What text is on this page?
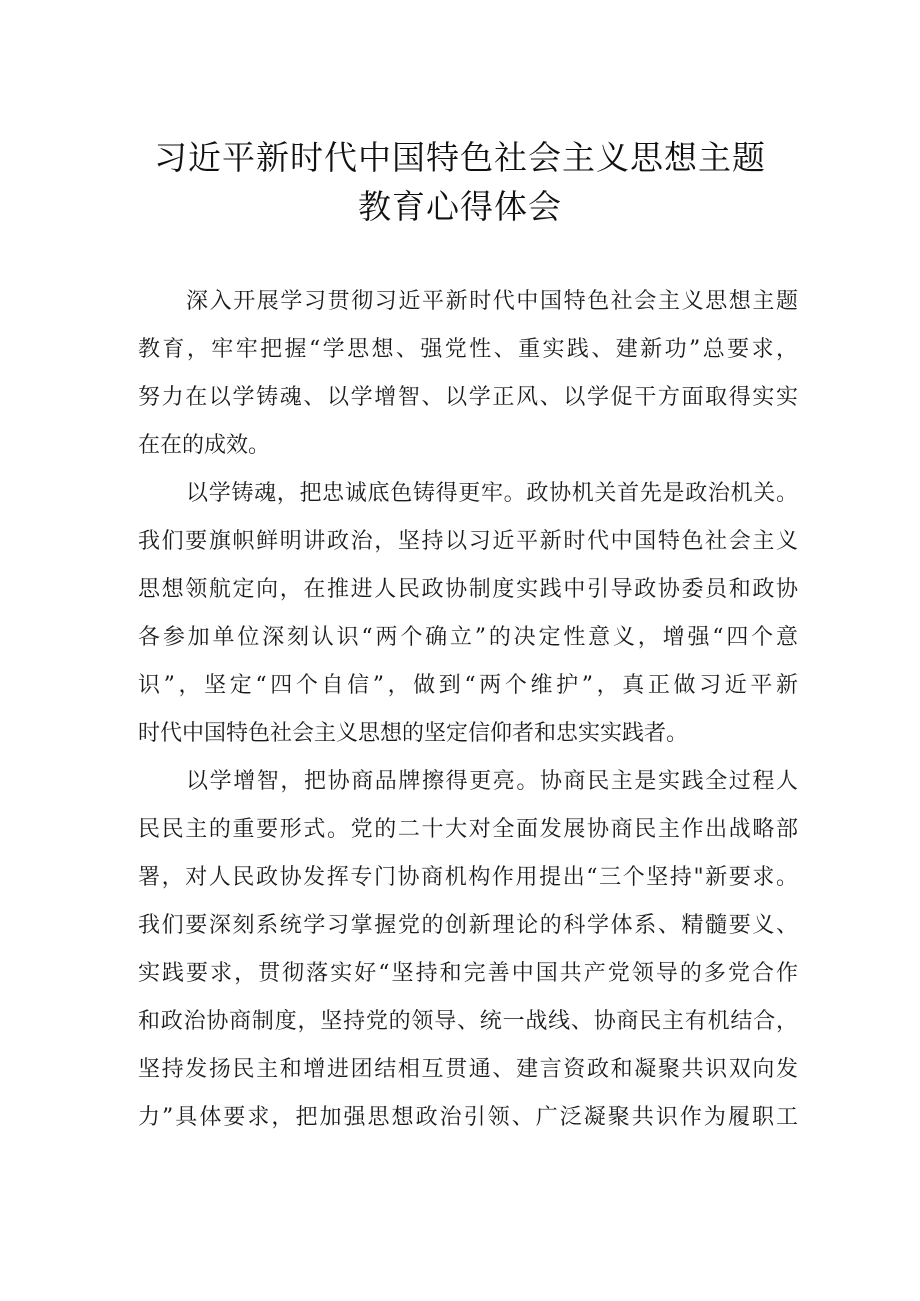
习近平新时代中国特色社会主义思想主题
教育心得体会
深入开展学习贯彻习近平新时代中国特色社会主义思想主题
教育，牢牢把握“学思想、强党性、重实践、建新功”总要求，
努力在以学铸魂、以学增智、以学正风、以学促干方面取得实实
在在的成效。
以学铸魂，把忠诚底色铸得更牢。政协机关首先是政治机关。
我们要旗帜鲜明讲政治，坚持以习近平新时代中国特色社会主义
思想领航定向，在推进人民政协制度实践中引导政协委员和政协
各参加单位深刻认识“两个确立”的决定性意义，增强“四个意
识”，坚定“四个自信”，做到“两个维护”，真正做习近平新
时代中国特色社会主义思想的坚定信仰者和忠实实践者。
以学增智，把协商品牌擦得更亮。协商民主是实践全过程人
民民主的重要形式。党的二十大对全面发展协商民主作出战略部
署，对人民政协发挥专门协商机构作用提出“三个坚持"新要求。
我们要深刻系统学习掌握党的创新理论的科学体系、精髓要义、
实践要求，贯彻落实好“坚持和完善中国共产党领导的多党合作
和政治协商制度，坚持党的领导、统一战线、协商民主有机结合，
坚持发扬民主和增进团结相互贯通、建言资政和凝聚共识双向发
力”具体要求，把加强思想政治引领、广泛凝聚共识作为履职工
